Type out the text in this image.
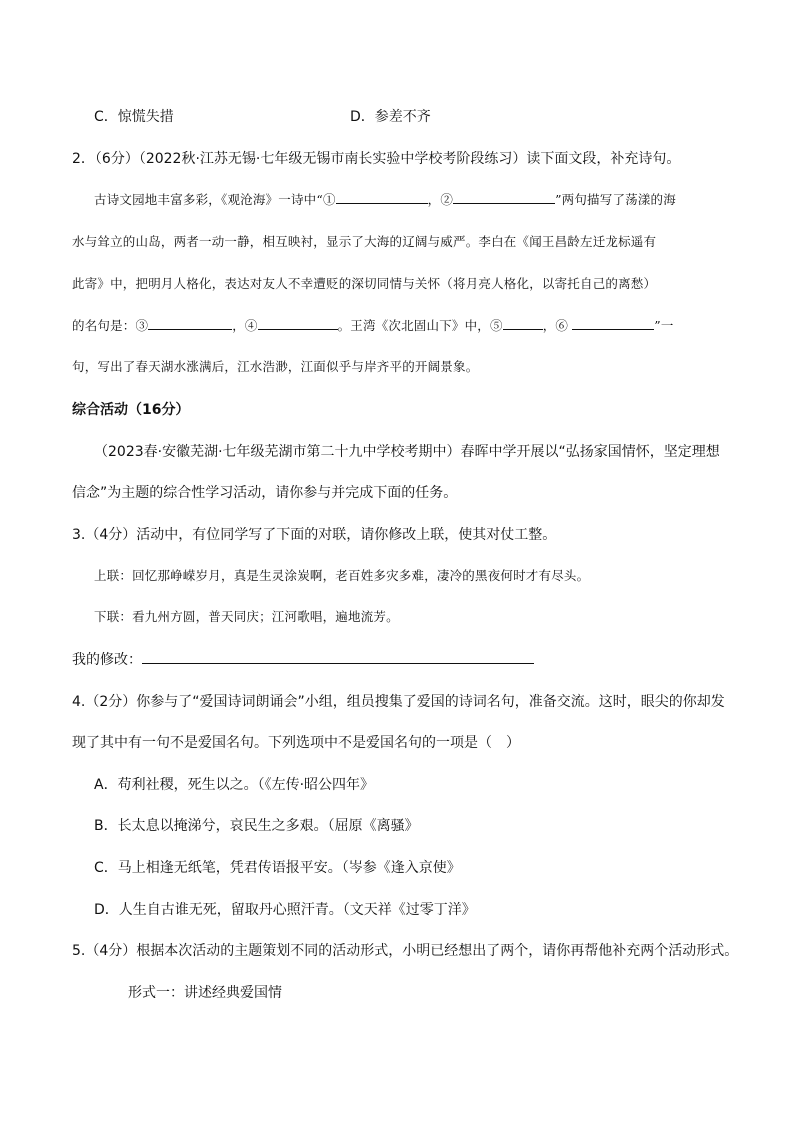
C．惊慌失措	D．参差不齐
2．（6分）（2022秋·江苏无锡·七年级无锡市南长实验中学校考阶段练习）读下面文段，补充诗句。
古诗文园地丰富多彩，《观沧海》一诗中“①	，②	”两句描写了荡漾的海
水与耸立的山岛，两者一动一静，相互映衬，显示了大海的辽阔与威严。李白在《闻王昌龄左迁龙标遥有
此寄》中，把明月人格化，表达对友人不幸遭贬的深切同情与关怀（将月亮人格化，以寄托自己的离愁）
的名句是：③	，④	。王湾《次北固山下》中，⑤	，⑥	”一
句，写出了春天湖水涨满后，江水浩渺，江面似乎与岸齐平的开阔景象。
综合活动（16分）
（2023春·安徽芜湖·七年级芜湖市第二十九中学校考期中）春晖中学开展以“弘扬家国情怀，坚定理想
信念”为主题的综合性学习活动，请你参与并完成下面的任务。
3.（4分）活动中，有位同学写了下面的对联，请你修改上联，使其对仗工整。
上联：回忆那峥嵘岁月，真是生灵涂炭啊，老百姓多灾多难，凄冷的黑夜何时才有尽头。
下联：看九州方圆，普天同庆；江河歌唱，遍地流芳。
我的修改：
4.（2分）你参与了“爱国诗词朗诵会”小组，组员搜集了爱国的诗词名句，准备交流。这时，眼尖的你却发
现了其中有一句不是爱国名句。下列选项中不是爱国名句的一项是（　）
A．苟利社稷，死生以之。（《左传·昭公四年》
B．长太息以掩涕兮，哀民生之多艰。（屈原《离骚》
C．马上相逢无纸笔，凭君传语报平安。（岑参《逢入京使》
D．人生自古谁无死，留取丹心照汗青。（文天祥《过零丁洋》
5.（4分）根据本次活动的主题策划不同的活动形式，小明已经想出了两个，请你再帮他补充两个活动形式。
形式一：讲述经典爱国情
